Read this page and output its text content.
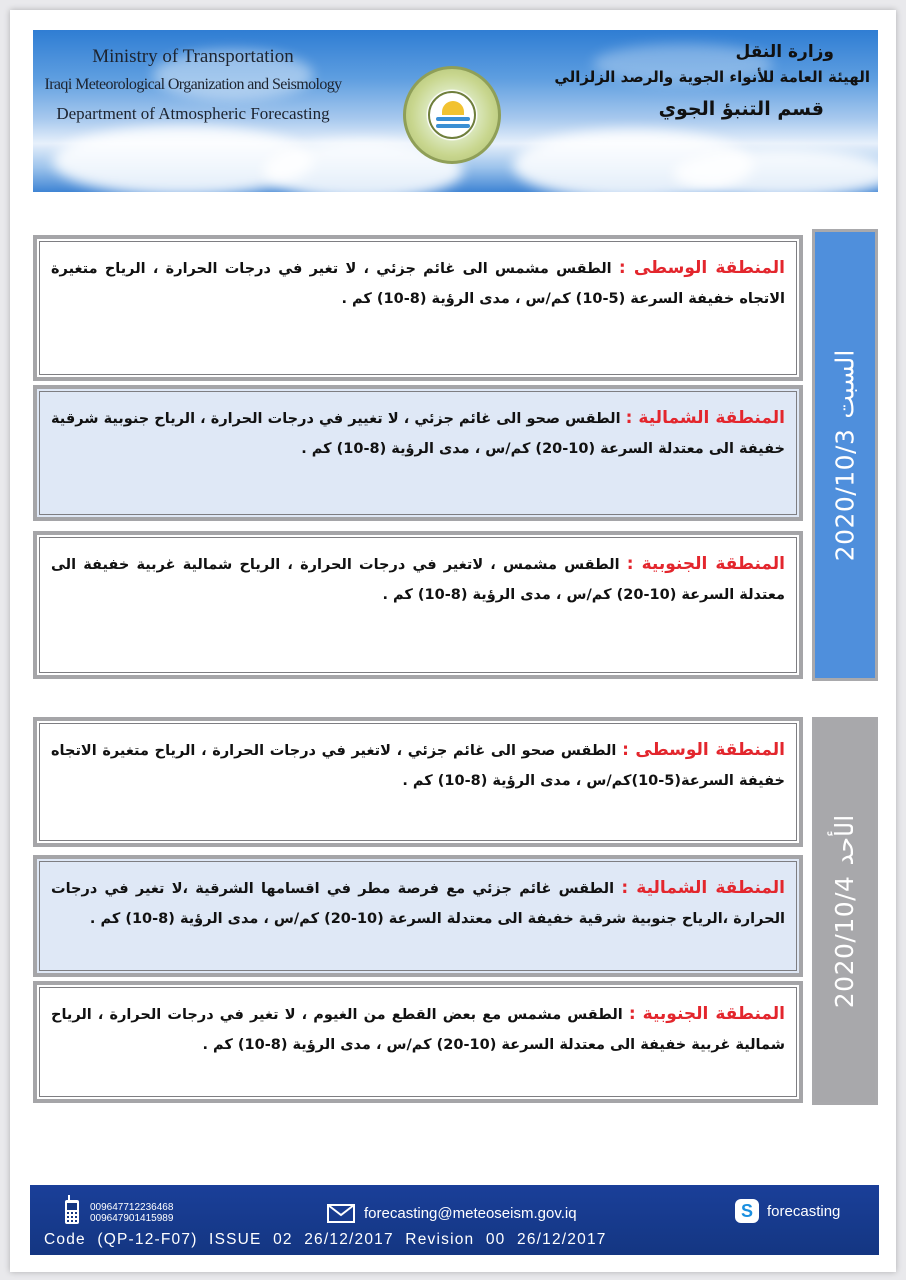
Ministry of Transportation
Iraqi Meteorological Organization and Seismology
Department of Atmospheric Forecasting
وزارة النقل
الهيئة العامة للأنواء الجوية والرصد الزلزالي
قسم التنبؤ الجوي
المنطقة الوسطى : الطقس مشمس الى غائم جزئي ، لا تغير في درجات الحرارة ، الرياح متغيرة الاتجاه خفيفة السرعة (5-10) كم/س ، مدى الرؤية (8-10) كم .
المنطقة الشمالية : الطقس صحو الى غائم جزئي ، لا تغيير في درجات الحرارة ، الرياح جنوبية شرقية خفيفة الى معتدلة السرعة (10-20) كم/س ، مدى الرؤية (8-10) كم .
المنطقة الجنوبية : الطقس مشمس ، لاتغير في درجات الحرارة ، الرياح شمالية غربية خفيفة الى معتدلة السرعة (10-20) كم/س ، مدى الرؤية (8-10) كم .
2020/10/3
السبت
المنطقة الوسطى : الطقس صحو الى غائم جزئي ، لاتغير في درجات الحرارة ، الرياح متغيرة الاتجاه خفيفة السرعة(5-10)كم/س ، مدى الرؤية (8-10) كم .
المنطقة الشمالية : الطقس غائم جزئي مع فرصة مطر في اقسامها الشرقية ،لا تغير في درجات الحرارة ،الرياح جنوبية شرقية خفيفة الى معتدلة السرعة (10-20) كم/س ، مدى الرؤية (8-10) كم .
المنطقة الجنوبية : الطقس مشمس مع بعض القطع من الغيوم ، لا تغير في درجات الحرارة ، الرياح شمالية غربية خفيفة الى معتدلة السرعة (10-20) كم/س ، مدى الرؤية (8-10) كم .
2020/10/4
الأحد
009647712236468
009647901415989	forecasting@meteoseism.gov.iq	S forecasting
Code (QP-12-F07) ISSUE 02 26/12/2017 Revision 00 26/12/2017
